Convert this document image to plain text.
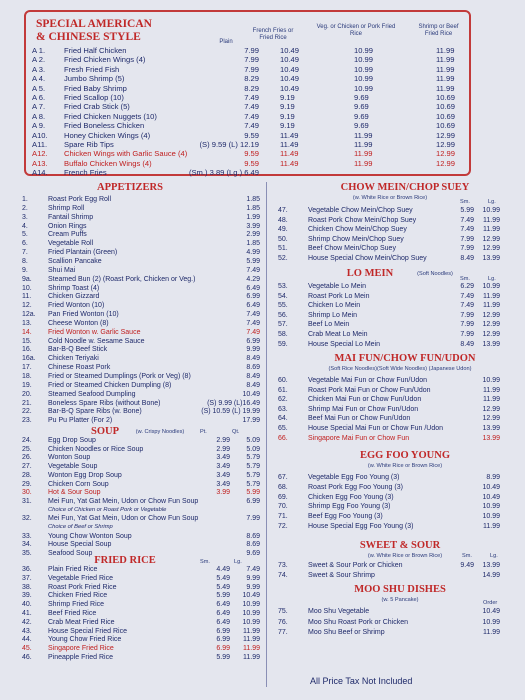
SPECIAL AMERICAN
& CHINESE STYLE	Plain
French Fries or Fried Rice
Veg. or Chicken or Pork Fried Rice
Shrimp or Beef Fried Rice
A 1.	Fried Half Chicken	7.99	10.49	10.99	11.99
A 2.	Fried Chicken Wings (4)	7.99	10.49	10.99	11.99
A 3.	Fresh Fried Fish	7.99	10.49	10.99	11.99
A 4.	Jumbo Shrimp (5)	8.29	10.49	10.99	11.99
A 5.	Fried Baby Shrimp	8.29	10.49	10.99	11.99
A 6.	Fried Scallop (10)	7.49	9.19	9.69	10.69
A 7.	Fried Crab Stick (5)	7.49	9.19	9.69	10.69
A 8.	Fried Chicken Nuggets (10)	7.49	9.19	9.69	10.69
A 9.	Fried Boneless Chicken	7.49	9.19	9.69	10.69
A10.	Honey Chicken Wings (4)	9.59	11.49	11.99	12.99
A11.	Spare Rib Tips	(S) 9.59 (L) 12.19	11.49	11.99	12.99
A12.	Chicken Wings with Garlic Sauce (4)	9.59	11.49	11.99	12.99
A13.	Buffalo Chicken Wings (4)	9.59	11.49	11.99	12.99
A14.	French Fries	(Sm.) 3.89 (Lg.) 6.49
APPETIZERS
SOUP	(w. Crispy Noodles)	Pt.	Qt.
FRIED RICE	Sm.	Lg.
CHOW MEIN/CHOP SUEY
(w. White Rice or Brown Rice)
Sm.	Lg.
LO MEIN	(Soft Noodles)
Sm.	Lg.
MAI FUN/CHOW FUN/UDON
(Soft Rice Noodles)(Soft Wide Noodles) (Japanese Udon)
EGG FOO YOUNG
(w. White Rice or Brown Rice)
SWEET & SOUR
(w. White Rice or Brown Rice)	Sm.	Lg.
MOO SHU DISHES
(w. 5 Pancake)	Order
All Price Tax Not Included
1.	Roast Pork Egg Roll	1.85
2.	Shrimp Roll	1.85
3.	Fantail Shrimp	1.99
4.	Onion Rings	3.99
5.	Cream Puffs	2.99
6.	Vegetable Roll	1.85
7.	Fried Plantain (Green)	4.99
8.	Scallion Pancake	5.99
9.	Shui Mai	7.49
9a. Steamed Bun (2) (Roast Pork, Chicken or Veg.)	4.29
10. Shrimp Toast (4)	6.49
11. Chicken Gizzard	6.99
12. Fried Wonton (10)	6.49
12a. Pan Fried Wonton (10)	7.49
13. Cheese Wonton (8)	7.49
14. Fried Wonton w. Garlic Sauce	7.49
15. Cold Noodle w. Sesame Sauce	6.99
16. Bar-B-Q Beef Stick	9.99
16a. Chicken Teriyaki	8.49
17. Chinese Roast Pork	8.69
18. Fried or Steamed Dumplings (Pork or Veg) (8)	8.49
19. Fried or Steamed Chicken Dumpling (8)	8.49
20. Steamed Seafood Dumpling	10.49
21. Boneless Spare Ribs (without Bone)	(S) 9.99 (L)16.49
22. Bar-B-Q Spare Ribs (w. Bone)	(S) 10.59 (L) 19.99
23. Pu Pu Platter (For 2)	17.99
24. Egg Drop Soup	2.99	5.09
25. Chicken Noodles or Rice Soup	2.99	5.09
26. Wonton Soup	3.49	5.79
27. Vegetable Soup	3.49	5.79
28. Wonton Egg Drop Soup	3.49	5.79
29. Chicken Corn Soup	3.49	5.79
30. Hot & Sour Soup	3.99	5.99
31. Mei Fun, Yat Gat Mein, Udon or Chow Fun Soup	6.99
Choice of Chicken or Roast Pork or Vegetable
32. Mei Fun, Yat Gat Mein, Udon or Chow Fun Soup	7.99
Choice of Beef or Shrimp
33. Young Chow Wonton Soup	8.69
34. House Special Soup	8.69
35. Seafood Soup	9.69
36. Plain Fried Rice	4.49	7.49
37. Vegetable Fried Rice	5.49	9.99
38. Roast Pork Fried Rice	5.49	9.99
39. Chicken Fried Rice	5.99	10.49
40. Shrimp Fried Rice	6.49	10.99
41. Beef Fried Rice	6.49	10.99
42. Crab Meat Fried Rice	6.49	10.99
43. House Special Fried Rice	6.99	11.99
44. Young Chow Fried Rice	6.99	11.99
45. Singapore Fried Rice	6.99	11.99
46. Pineapple Fried Rice	5.99	11.99
47.	Vegetable Chow Mein/Chop Suey	5.99	10.99
48.	Roast Pork Chow Mein/Chop Suey	7.49	11.99
49.	Chicken Chow Mein/Chop Suey	7.49	11.99
50.	Shrimp Chow Mein/Chop Suey	7.99	12.99
51.	Beef Chow Mein/Chop Suey	7.99	12.99
52.	House Special Chow Mein/Chop Suey	8.49	13.99
53.	Vegetable Lo Mein	6.29	10.99
54.	Roast Pork Lo Mein	7.49	11.99
55.	Chicken Lo Mein	7.49	11.99
56.	Shrimp Lo Mein	7.99	12.99
57.	Beef Lo Mein	7.99	12.99
58.	Crab Meat Lo Mein	7.99	12.99
59.	House Special Lo Mein	8.49	13.99
60.	Vegetable Mai Fun or Chow Fun/Udon	10.99
61.	Roast Pork Mai Fun or Chow Fun/Udon	11.99
62.	Chicken Mai Fun or Chow Fun/Udon	11.99
63.	Shrimp Mai Fun or Chow Fun/Udon	12.99
64.	Beef Mai Fun or Chow Fun/Udon	12.99
65.	House Special Mai Fun or Chow Fun /Udon	13.99
66.	Singapore Mai Fun or Chow Fun	13.99
67.	Vegetable Egg Foo Young (3)	8.99
68.	Roast Pork Egg Foo Young (3)	10.49
69.	Chicken Egg Foo Young (3)	10.49
70.	Shrimp Egg Foo Young (3)	10.99
71.	Beef Egg Foo Young (3)	10.99
72.	House Special Egg Foo Young (3)	11.99
73.	Sweet & Sour Pork or Chicken	9.49	13.99
74.	Sweet & Sour Shrimp	14.99
75.	Moo Shu Vegetable	10.49
76.	Moo Shu Roast Pork or Chicken	10.99
77.	Moo Shu Beef or Shrimp	11.99
